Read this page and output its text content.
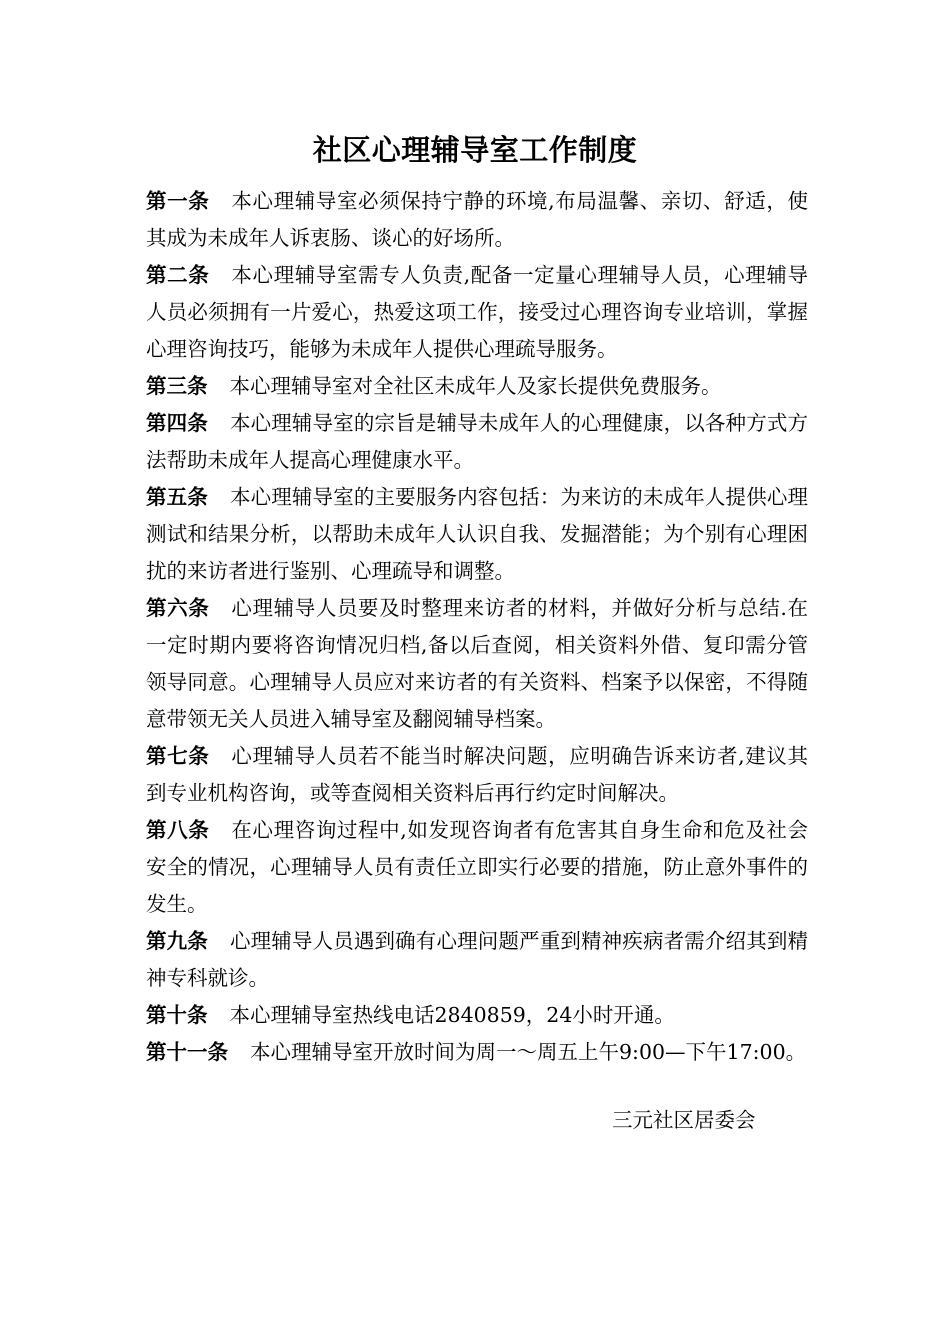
社区心理辅导室工作制度

第一条 本心理辅导室必须保持宁静的环境,布局温馨、亲切、舒适，使其成为未成年人诉衷肠、谈心的好场所。

第二条 本心理辅导室需专人负责,配备一定量心理辅导人员，心理辅导人员必须拥有一片爱心，热爱这项工作，接受过心理咨询专业培训，掌握心理咨询技巧，能够为未成年人提供心理疏导服务。

第三条 本心理辅导室对全社区未成年人及家长提供免费服务。

第四条 本心理辅导室的宗旨是辅导未成年人的心理健康，以各种方式方法帮助未成年人提高心理健康水平。

第五条 本心理辅导室的主要服务内容包括：为来访的未成年人提供心理测试和结果分析，以帮助未成年人认识自我、发掘潜能；为个别有心理困扰的来访者进行鉴别、心理疏导和调整。

第六条 心理辅导人员要及时整理来访者的材料，并做好分析与总结.在一定时期内要将咨询情况归档,备以后查阅，相关资料外借、复印需分管领导同意。心理辅导人员应对来访者的有关资料、档案予以保密，不得随意带领无关人员进入辅导室及翻阅辅导档案。

第七条 心理辅导人员若不能当时解决问题，应明确告诉来访者,建议其到专业机构咨询，或等查阅相关资料后再行约定时间解决。

第八条 在心理咨询过程中,如发现咨询者有危害其自身生命和危及社会安全的情况，心理辅导人员有责任立即实行必要的措施，防止意外事件的发生。

第九条 心理辅导人员遇到确有心理问题严重到精神疾病者需介绍其到精神专科就诊。

第十条 本心理辅导室热线电话2840859，24小时开通。

第十一条 本心理辅导室开放时间为周一～周五上午9:00—下午17:00。

三元社区居委会
